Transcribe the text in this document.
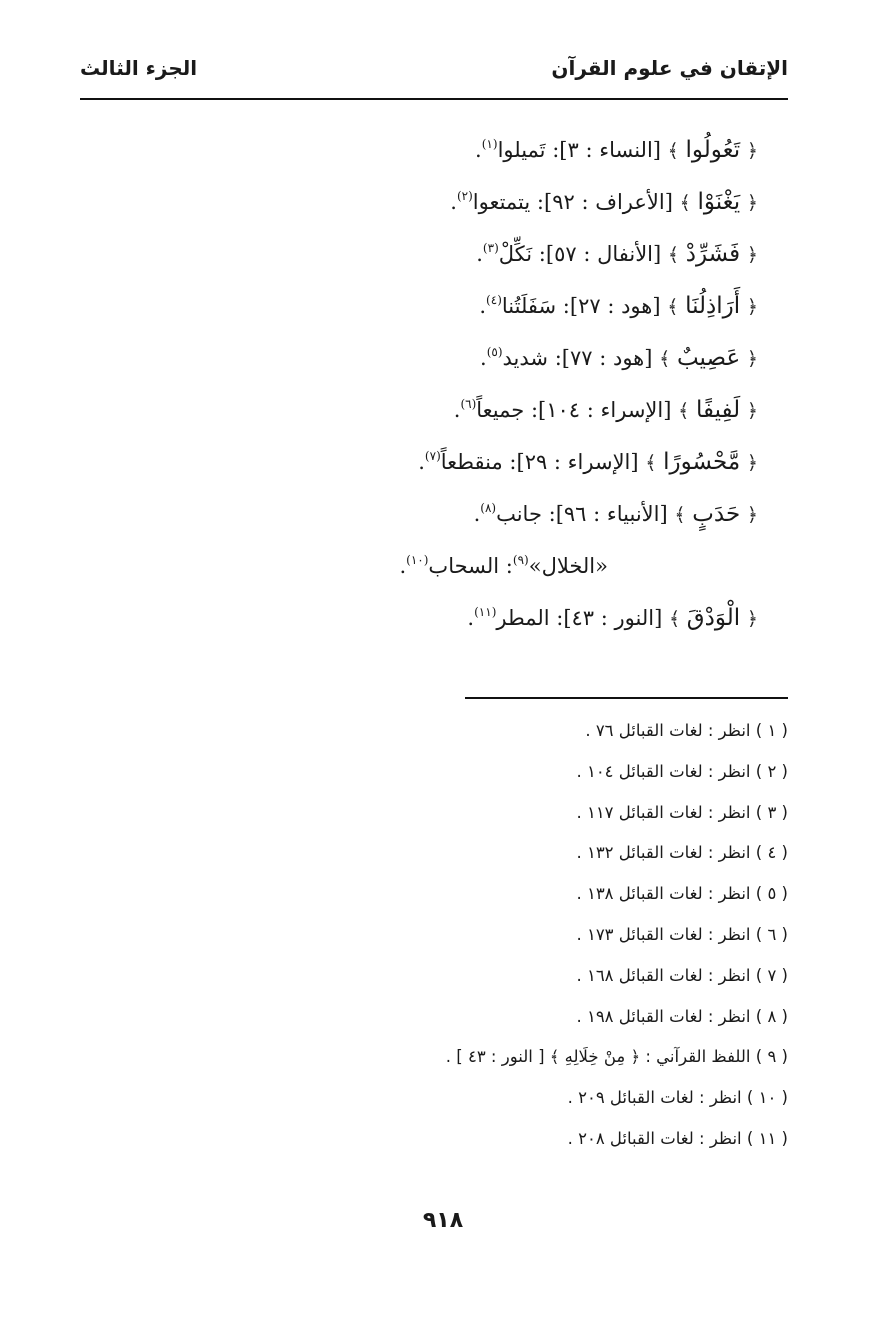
الإتقان في علوم القرآن
الجزء الثالث
﴿ تَعُولُوا ﴾ [النساء : ٣]: تَميلوا$^{(١)}$.
﴿ يَغْنَوْا ﴾ [الأعراف : ٩٢]: يتمتعوا$^{(٢)}$.
﴿ فَشَرِّدْ ﴾ [الأنفال : ٥٧]: نَكِّلْ$^{(٣)}$.
﴿ أَرَاذِلُنَا ﴾ [هود : ٢٧]: سَفَلَتُنا$^{(٤)}$.
﴿ عَصِيبٌ ﴾ [هود : ٧٧]: شديد$^{(٥)}$.
﴿ لَفِيفًا ﴾ [الإسراء : ١٠٤]: جميعاً$^{(٦)}$.
﴿ مَّحْسُورًا ﴾ [الإسراء : ٢٩]: منقطعاً$^{(٧)}$.
﴿ حَدَبٍ ﴾ [الأنبياء : ٩٦]: جانب$^{(٨)}$.
«الخلال»$^{(٩)}$: السحاب$^{(١٠)}$.
﴿ الْوَدْقَ ﴾ [النور : ٤٣]: المطر$^{(١١)}$.
( ١ ) انظر : لغات القبائل ٧٦ .
( ٢ ) انظر : لغات القبائل ١٠٤ .
( ٣ ) انظر : لغات القبائل ١١٧ .
( ٤ ) انظر : لغات القبائل ١٣٢ .
( ٥ ) انظر : لغات القبائل ١٣٨ .
( ٦ ) انظر : لغات القبائل ١٧٣ .
( ٧ ) انظر : لغات القبائل ١٦٨ .
( ٨ ) انظر : لغات القبائل ١٩٨ .
( ٩ ) اللفظ القرآني : ﴿ مِنْ خِلَالِهِ ﴾ [ النور : ٤٣ ] .
( ١٠ ) انظر : لغات القبائل ٢٠٩ .
( ١١ ) انظر : لغات القبائل ٢٠٨ .
٩١٨
